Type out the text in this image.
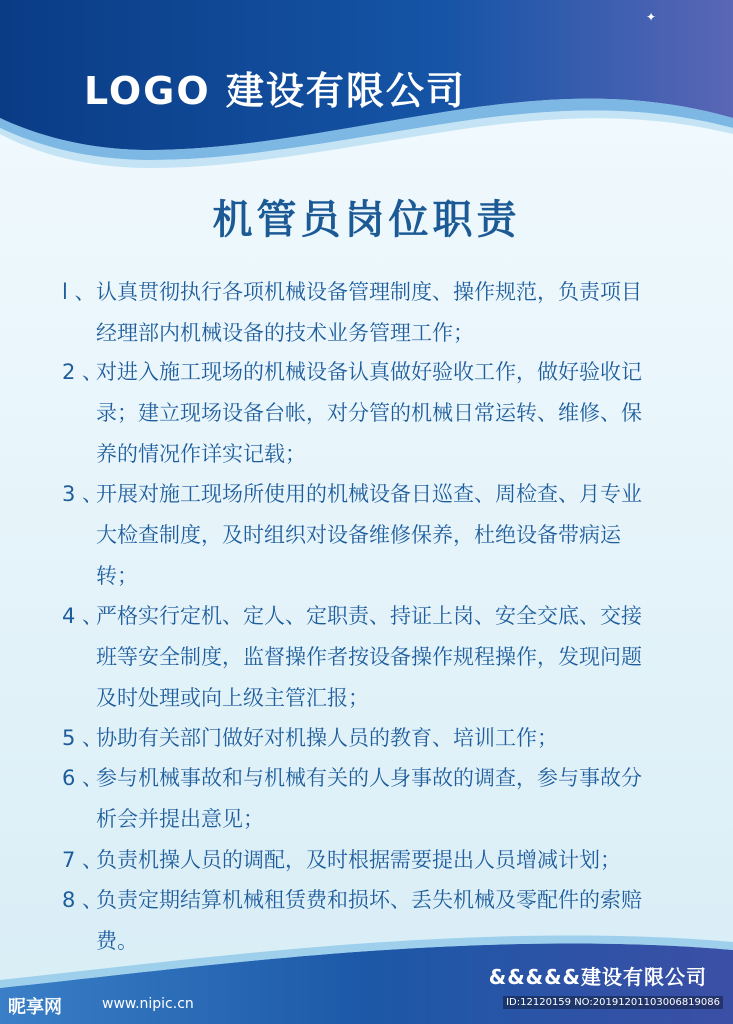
✦
LOGO 建设有限公司
机管员岗位职责
l 、 认真贯彻执行各项机械设备管理制度、操作规范，负责项目
经理部内机械设备的技术业务管理工作；
2 、
对进入施工现场的机械设备认真做好验收工作，做好验收记
录；建立现场设备台帐，对分管的机械日常运转、维修、保
养的情况作详实记载；
3 、
开展对施工现场所使用的机械设备日巡查、周检查、月专业
大检查制度，及时组织对设备维修保养，杜绝设备带病运
转；
4 、
严格实行定机、定人、定职责、持证上岗、安全交底、交接
班等安全制度，监督操作者按设备操作规程操作，发现问题
及时处理或向上级主管汇报；
5 、
协助有关部门做好对机操人员的教育、培训工作；
6 、
参与机械事故和与机械有关的人身事故的调查，参与事故分
析会并提出意见；
7 、
负责机操人员的调配，及时根据需要提出人员增减计划；
8 、
负责定期结算机械租赁费和损坏、丢失机械及零配件的索赔
费。
&&&&&建设有限公司
昵享网	www.nipic.cn	ID:12120159 NO:20191201103006819086
